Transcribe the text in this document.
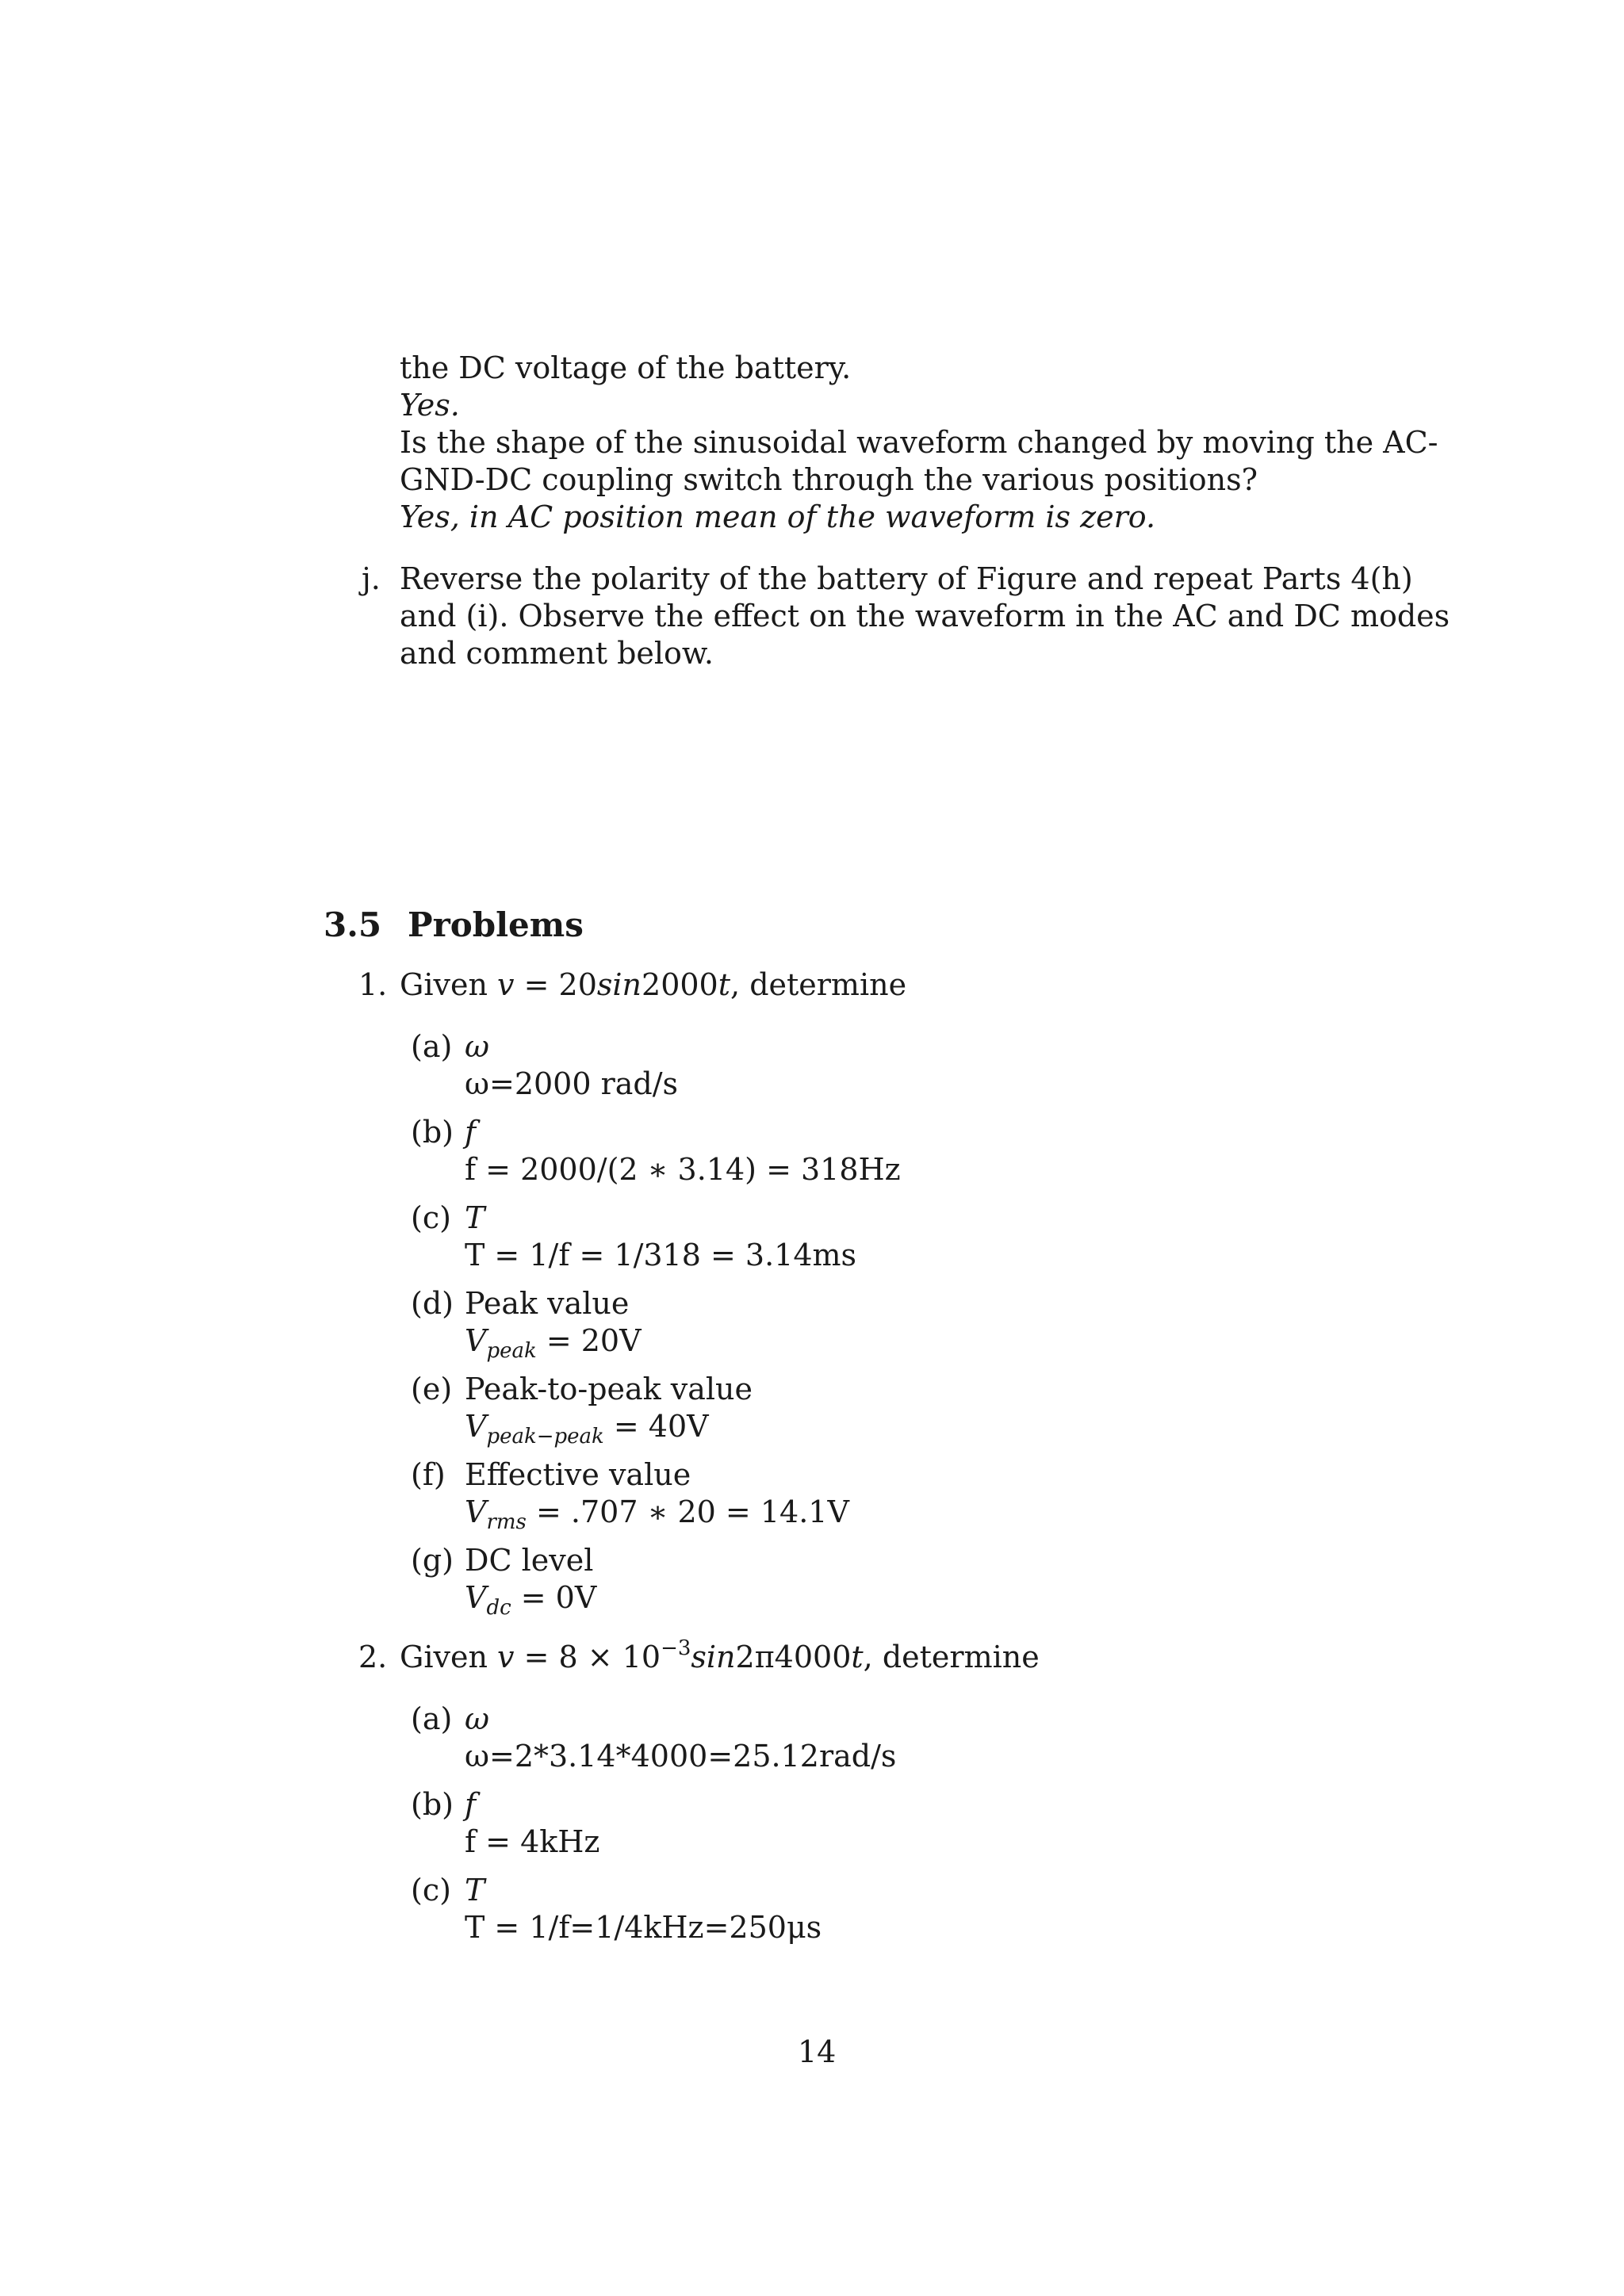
the DC voltage of the battery.
Yes.
Is the shape of the sinusoidal waveform changed by moving the AC-
GND-DC coupling switch through the various positions?
Yes, in AC position mean of the waveform is zero.
j. Reverse the polarity of the battery of Figure and repeat Parts 4(h)
and (i). Observe the effect on the waveform in the AC and DC modes
and comment below.
3.5 Problems
1. Given v = 20sin2000t, determine
(a) ω
ω=2000 rad/s
(b) f
f = 2000/(2 ∗ 3.14) = 318Hz
(c) T
T = 1/f = 1/318 = 3.14ms
(d) Peak value
$V_{peak} = 20V$
(e) Peak-to-peak value
$V_{peak-peak} = 40V$
(f) Effective value
$V_{rms} = .707$ ∗ 20 = 14.1V
(g) DC level
$V_{dc} = 0V$
2. Given $v = 8 \times 10^{-3}\sin 2\pi 4000t$, determine
(a) ω
ω=2*3.14*4000=25.12rad/s
(b) f
f = 4kHz
(c) T
T = 1/f=1/4kHz=250μs
14
